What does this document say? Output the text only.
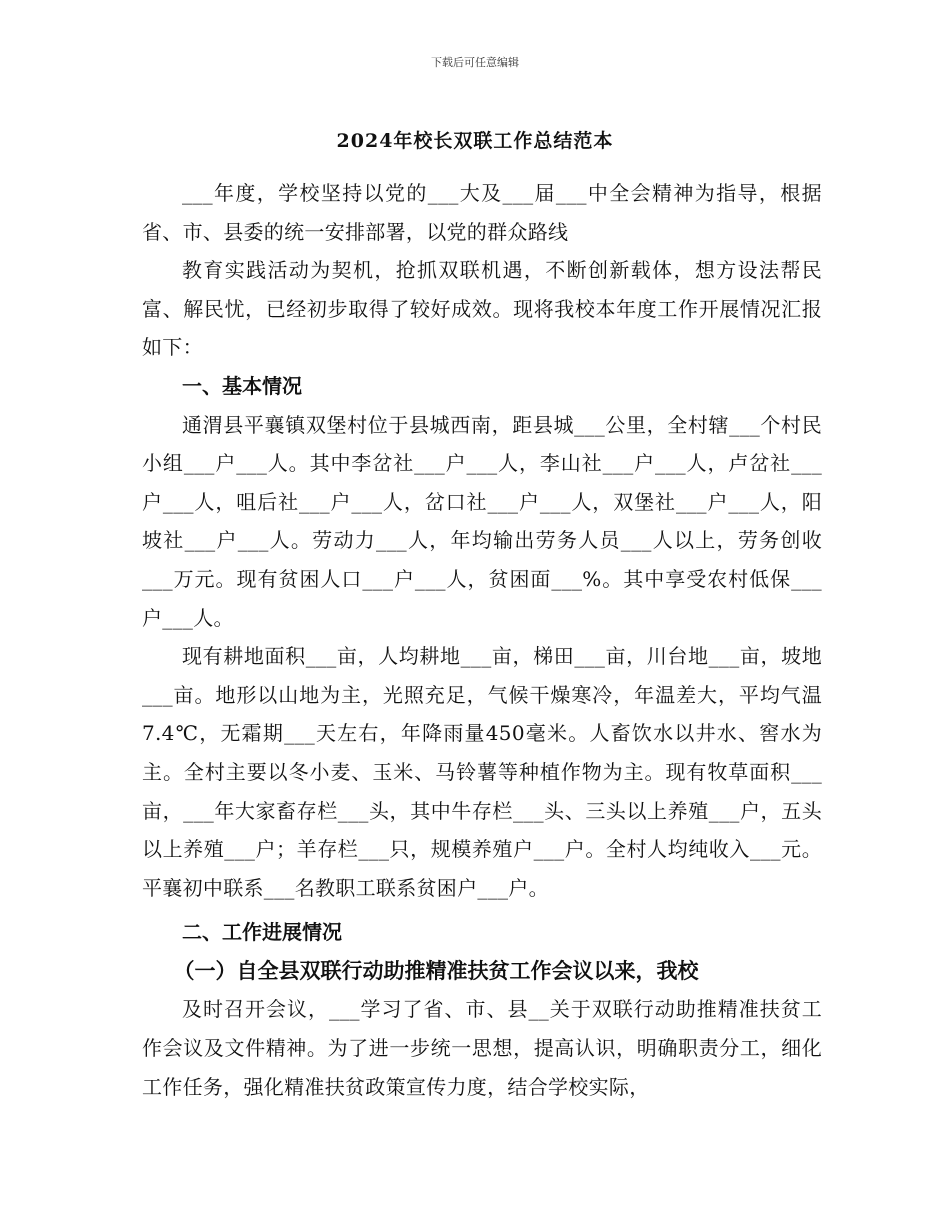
下载后可任意编辑
2024年校长双联工作总结范本

___年度，学校坚持以党的___大及___届___中全会精神为指导，根据省、市、县委的统一安排部署，以党的群众路线

教育实践活动为契机，抢抓双联机遇，不断创新载体，想方设法帮民富、解民忧，已经初步取得了较好成效。现将我校本年度工作开展情况汇报如下：

一、基本情况

通渭县平襄镇双堡村位于县城西南，距县城___公里，全村辖___个村民小组___户___人。其中李岔社___户___人，李山社___户___人，卢岔社___户___人，咀后社___户___人，岔口社___户___人，双堡社___户___人，阳坡社___户___人。劳动力___人，年均输出劳务人员___人以上，劳务创收___万元。现有贫困人口___户___人，贫困面___%。其中享受农村低保___户___人。

现有耕地面积___亩，人均耕地___亩，梯田___亩，川台地___亩，坡地___亩。地形以山地为主，光照充足，气候干燥寒冷，年温差大，平均气温7.4℃，无霜期___天左右，年降雨量450毫米。人畜饮水以井水、窖水为主。全村主要以冬小麦、玉米、马铃薯等种植作物为主。现有牧草面积___亩，___年大家畜存栏___头，其中牛存栏___头、三头以上养殖___户，五头以上养殖___户；羊存栏___只，规模养殖户___户。全村人均纯收入___元。平襄初中联系___名教职工联系贫困户___户。

二、工作进展情况

（一）自全县双联行动助推精准扶贫工作会议以来，我校

及时召开会议，___学习了省、市、县__关于双联行动助推精准扶贫工作会议及文件精神。为了进一步统一思想，提高认识，明确职责分工，细化工作任务，强化精准扶贫政策宣传力度，结合学校实际，
